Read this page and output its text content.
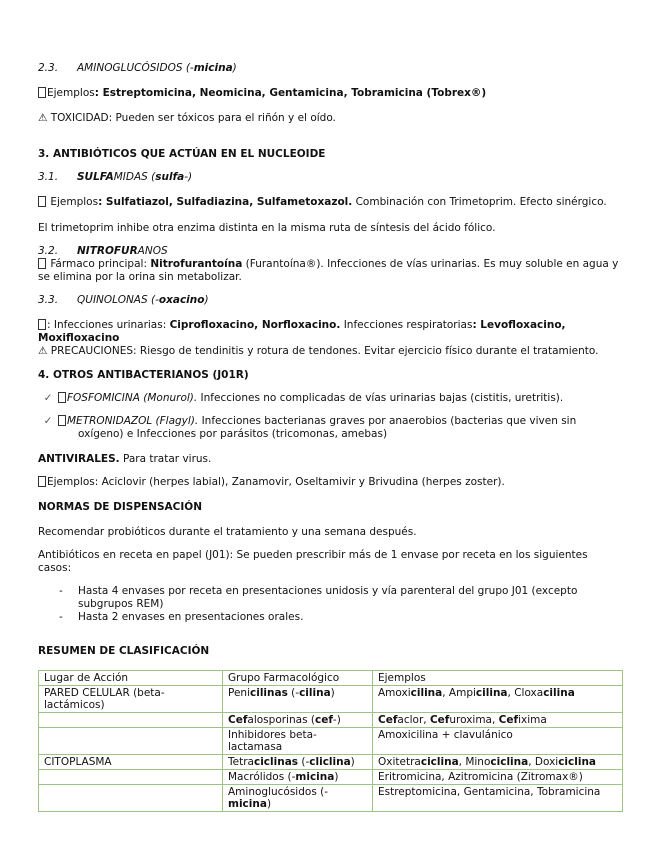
2.3. AMINOGLUCÓSIDOS (-micina)
Ejemplos: Estreptomicina, Neomicina, Gentamicina, Tobramicina (Tobrex®)
⚠ TOXICIDAD: Pueden ser tóxicos para el riñón y el oído.
3. ANTIBIÓTICOS QUE ACTÚAN EN EL NUCLEOIDE
3.1. SULFAMIDAS (sulfa-)
Ejemplos: Sulfatiazol, Sulfadiazina, Sulfametoxazol. Combinación con Trimetoprim. Efecto sinérgico.
El trimetoprim inhibe otra enzima distinta en la misma ruta de síntesis del ácido fólico.
3.2. NITROFURANOS
Fármaco principal: Nitrofurantoína (Furantoína®). Infecciones de vías urinarias. Es muy soluble en agua y se elimina por la orina sin metabolizar.
3.3. QUINOLONAS (-oxacino)
: Infecciones urinarias: Ciprofloxacino, Norfloxacino. Infecciones respiratorias: Levofloxacino, Moxifloxacino
⚠ PRECAUCIONES: Riesgo de tendinitis y rotura de tendones. Evitar ejercicio físico durante el tratamiento.
4. OTROS ANTIBACTERIANOS (J01R)
✓ FOSFOMICINA (Monurol). Infecciones no complicadas de vías urinarias bajas (cistitis, uretritis).
✓ METRONIDAZOL (Flagyl). Infecciones bacterianas graves por anaerobios (bacterias que viven sin oxígeno) e Infecciones por parásitos (tricomonas, amebas)
ANTIVIRALES. Para tratar virus.
Ejemplos: Aciclovir (herpes labial), Zanamovir, Oseltamivir y Brivudina (herpes zoster).
NORMAS DE DISPENSACIÓN
Recomendar probióticos durante el tratamiento y una semana después.
Antibióticos en receta en papel (J01): Se pueden prescribir más de 1 envase por receta en los siguientes casos:
- Hasta 4 envases por receta en presentaciones unidosis y vía parenteral del grupo J01 (excepto subgrupos REM)
- Hasta 2 envases en presentaciones orales.
RESUMEN DE CLASIFICACIÓN
Lugar de Acción	Grupo Farmacológico	Ejemplos
PARED CELULAR (beta-lactámicos)	Penicilinas (-cilina)	Amoxicilina, Ampicilina, Cloxacilina
	Cefalosporinas (cef-)	Cefaclor, Cefuroxima, Cefixima
	Inhibidores beta-lactamasa	Amoxicilina + clavulánico
CITOPLASMA	Tetraciclinas (-cliclina)	Oxitetraciclina, Minociclina, Doxiciclina
	Macrólidos (-micina)	Eritromicina, Azitromicina (Zitromax®)
	Aminoglucósidos (-micina)	Estreptomicina, Gentamicina, Tobramicina
